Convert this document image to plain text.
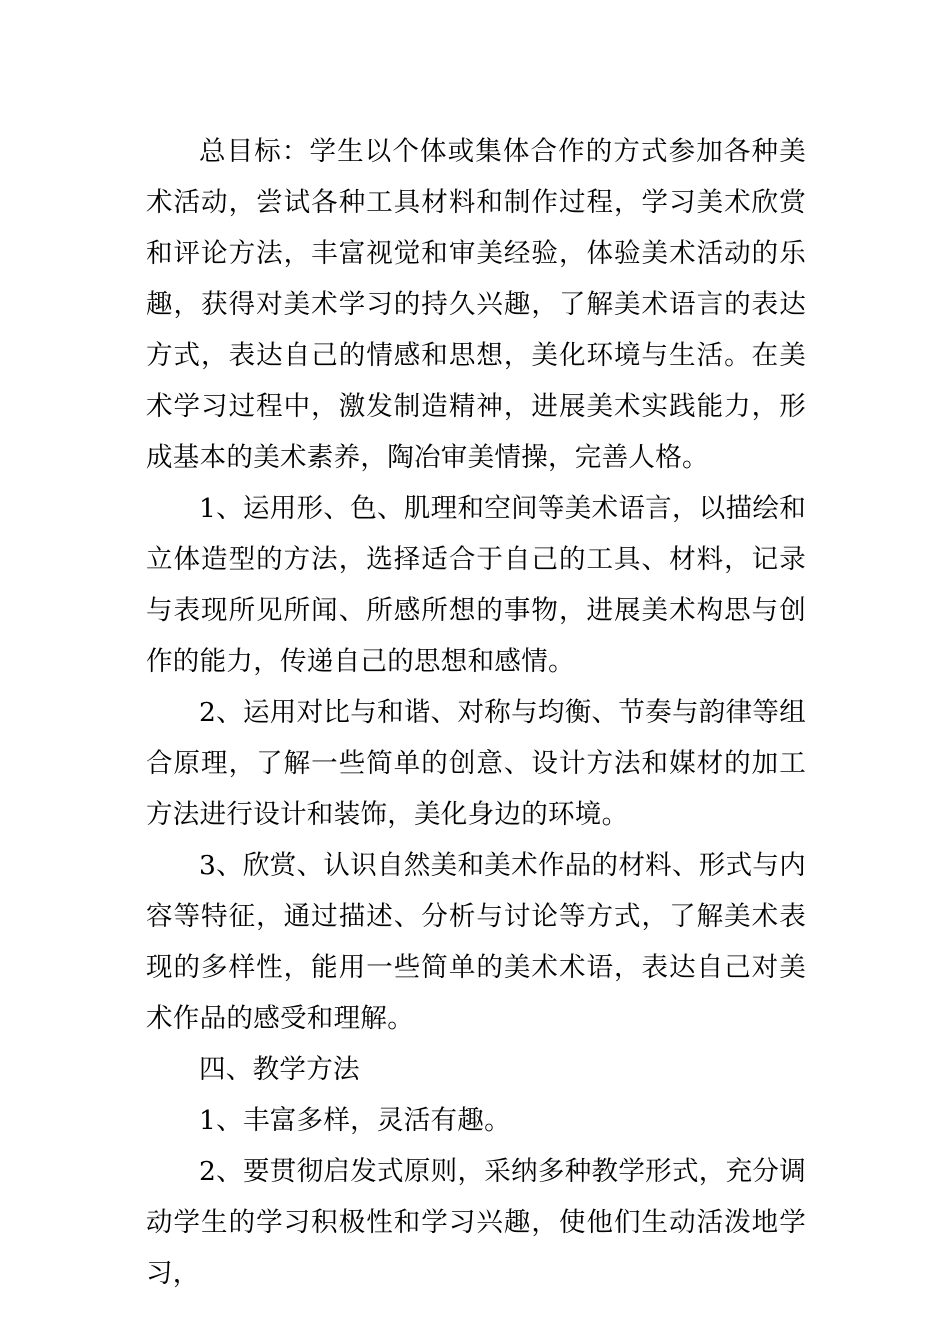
总目标：学生以个体或集体合作的方式参加各种美术活动，尝试各种工具材料和制作过程，学习美术欣赏和评论方法，丰富视觉和审美经验，体验美术活动的乐趣，获得对美术学习的持久兴趣，了解美术语言的表达方式，表达自己的情感和思想，美化环境与生活。在美术学习过程中，激发制造精神，进展美术实践能力，形成基本的美术素养，陶冶审美情操，完善人格。

1、运用形、色、肌理和空间等美术语言，以描绘和立体造型的方法，选择适合于自己的工具、材料，记录与表现所见所闻、所感所想的事物，进展美术构思与创作的能力，传递自己的思想和感情。

2、运用对比与和谐、对称与均衡、节奏与韵律等组合原理，了解一些简单的创意、设计方法和媒材的加工方法进行设计和装饰，美化身边的环境。

3、欣赏、认识自然美和美术作品的材料、形式与内容等特征，通过描述、分析与讨论等方式，了解美术表现的多样性，能用一些简单的美术术语，表达自己对美术作品的感受和理解。

四、教学方法

1、丰富多样，灵活有趣。

2、要贯彻启发式原则，采纳多种教学形式，充分调动学生的学习积极性和学习兴趣，使他们生动活泼地学习，
